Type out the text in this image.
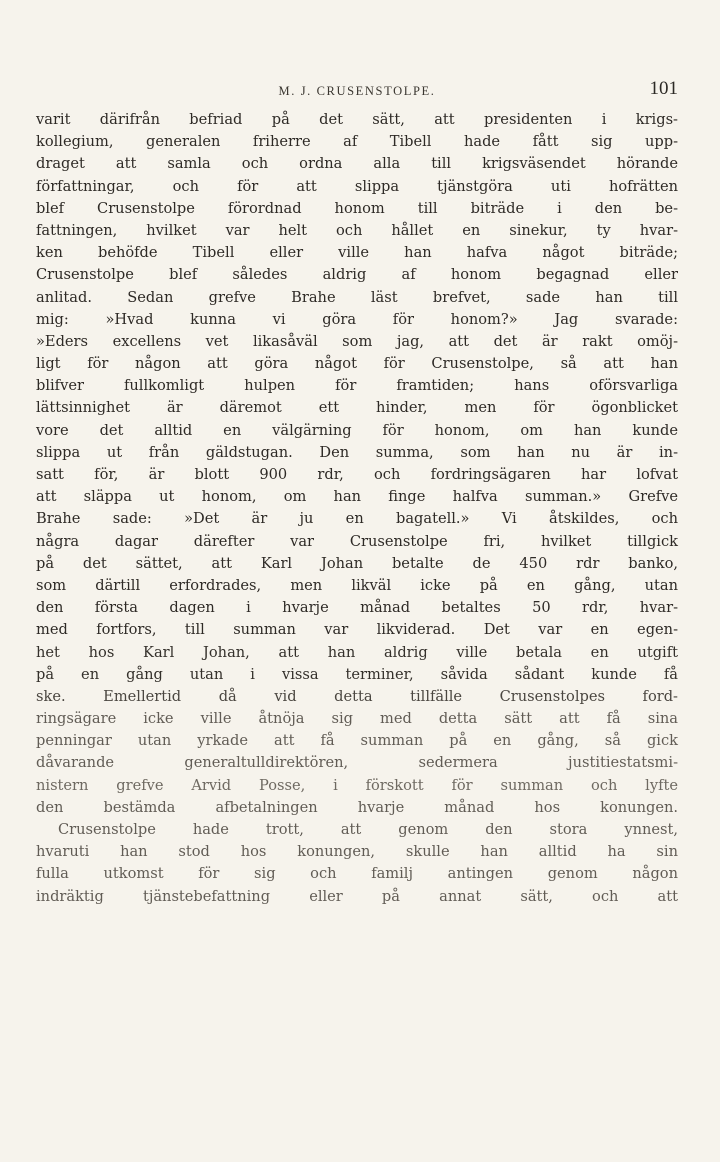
M. J. CRUSENSTOLPE.	101
varit därifrån befriad på det sätt, att presidenten i krigs-
kollegium, generalen friherre af Tibell hade fått sig upp-
draget att samla och ordna alla till krigsväsendet hörande
författningar, och för att slippa tjänstgöra uti hofrätten
blef Crusenstolpe förordnad honom till biträde i den be-
fattningen, hvilket var helt och hållet en sinekur, ty hvar-
ken behöfde Tibell eller ville han hafva något biträde;
Crusenstolpe blef således aldrig af honom begagnad eller
anlitad. Sedan grefve Brahe läst brefvet, sade han till
mig: »Hvad kunna vi göra för honom?» Jag svarade:
»Eders excellens vet likasåväl som jag, att det är rakt omöj-
ligt för någon att göra något för Crusenstolpe, så att han
blifver fullkomligt hulpen för framtiden; hans oförsvarliga
lättsinnighet är däremot ett hinder, men för ögonblicket
vore det alltid en välgärning för honom, om han kunde
slippa ut från gäldstugan. Den summa, som han nu är in-
satt för, är blott 900 rdr, och fordringsägaren har lofvat
att släppa ut honom, om han finge halfva summan.» Grefve
Brahe sade: »Det är ju en bagatell.» Vi åtskildes, och
några dagar därefter var Crusenstolpe fri, hvilket tillgick
på det sättet, att Karl Johan betalte de 450 rdr banko,
som därtill erfordrades, men likväl icke på en gång, utan
den första dagen i hvarje månad betaltes 50 rdr, hvar-
med fortfors, till summan var likviderad. Det var en egen-
het hos Karl Johan, att han aldrig ville betala en utgift
på en gång utan i vissa terminer, såvida sådant kunde få
ske. Emellertid då vid detta tillfälle Crusenstolpes ford-
ringsägare icke ville åtnöja sig med detta sätt att få sina
penningar utan yrkade att få summan på en gång, så gick
dåvarande generaltulldirektören, sedermera justitiestatsmi-
nistern grefve Arvid Posse, i förskott för summan och lyfte
den bestämda afbetalningen hvarje månad hos konungen.
Crusenstolpe hade trott, att genom den stora ynnest,
hvaruti han stod hos konungen, skulle han alltid ha sin
fulla utkomst för sig och familj antingen genom någon
indräktig tjänstebefattning eller på annat sätt, och att
